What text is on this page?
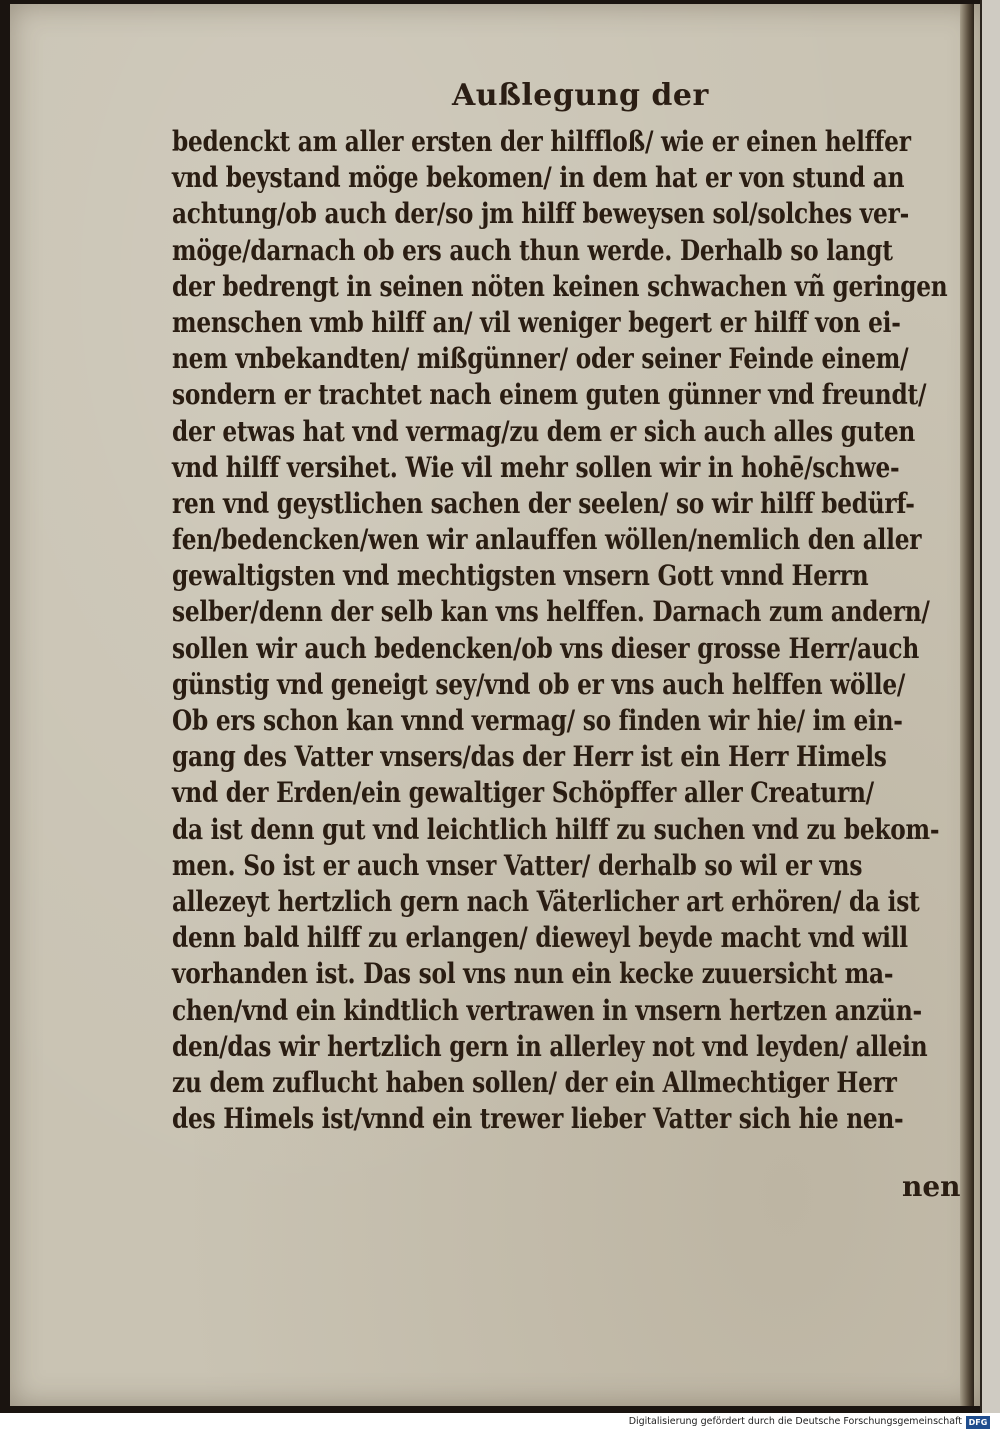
Außlegung der
bedenckt am aller ersten der hilffloß/ wie er einen helffer
vnd beystand möge bekomen/ in dem hat er von stund an
achtung/ob auch der/so jm hilff beweysen sol/solches ver-
möge/darnach ob ers auch thun werde. Derhalb so langt
der bedrengt in seinen nöten keinen schwachen vñ geringen
menschen vmb hilff an/ vil weniger begert er hilff von ei-
nem vnbekandten/ mißgünner/ oder seiner Feinde einem/
sondern er trachtet nach einem guten günner vnd freundt/
der etwas hat vnd vermag/zu dem er sich auch alles guten
vnd hilff versihet. Wie vil mehr sollen wir in hohē/schwe-
ren vnd geystlichen sachen der seelen/ so wir hilff bedürf-
fen/bedencken/wen wir anlauffen wöllen/nemlich den aller
gewaltigsten vnd mechtigsten vnsern Gott vnnd Herrn
selber/denn der selb kan vns helffen. Darnach zum andern/
sollen wir auch bedencken/ob vns dieser grosse Herr/auch
günstig vnd geneigt sey/vnd ob er vns auch helffen wölle/
Ob ers schon kan vnnd vermag/ so finden wir hie/ im ein-
gang des Vatter vnsers/das der Herr ist ein Herr Himels
vnd der Erden/ein gewaltiger Schöpffer aller Creaturn/
da ist denn gut vnd leichtlich hilff zu suchen vnd zu bekom-
men. So ist er auch vnser Vatter/ derhalb so wil er vns
allezeyt hertzlich gern nach Väterlicher art erhören/ da ist
denn bald hilff zu erlangen/ dieweyl beyde macht vnd will
vorhanden ist. Das sol vns nun ein kecke zuuersicht ma-
chen/vnd ein kindtlich vertrawen in vnsern hertzen anzün-
den/das wir hertzlich gern in allerley not vnd leyden/ allein
zu dem zuflucht haben sollen/ der ein Allmechtiger Herr
des Himels ist/vnnd ein trewer lieber Vatter sich hie nen-
nen
Digitalisierung gefördert durch die Deutsche Forschungsgemeinschaft DFG
